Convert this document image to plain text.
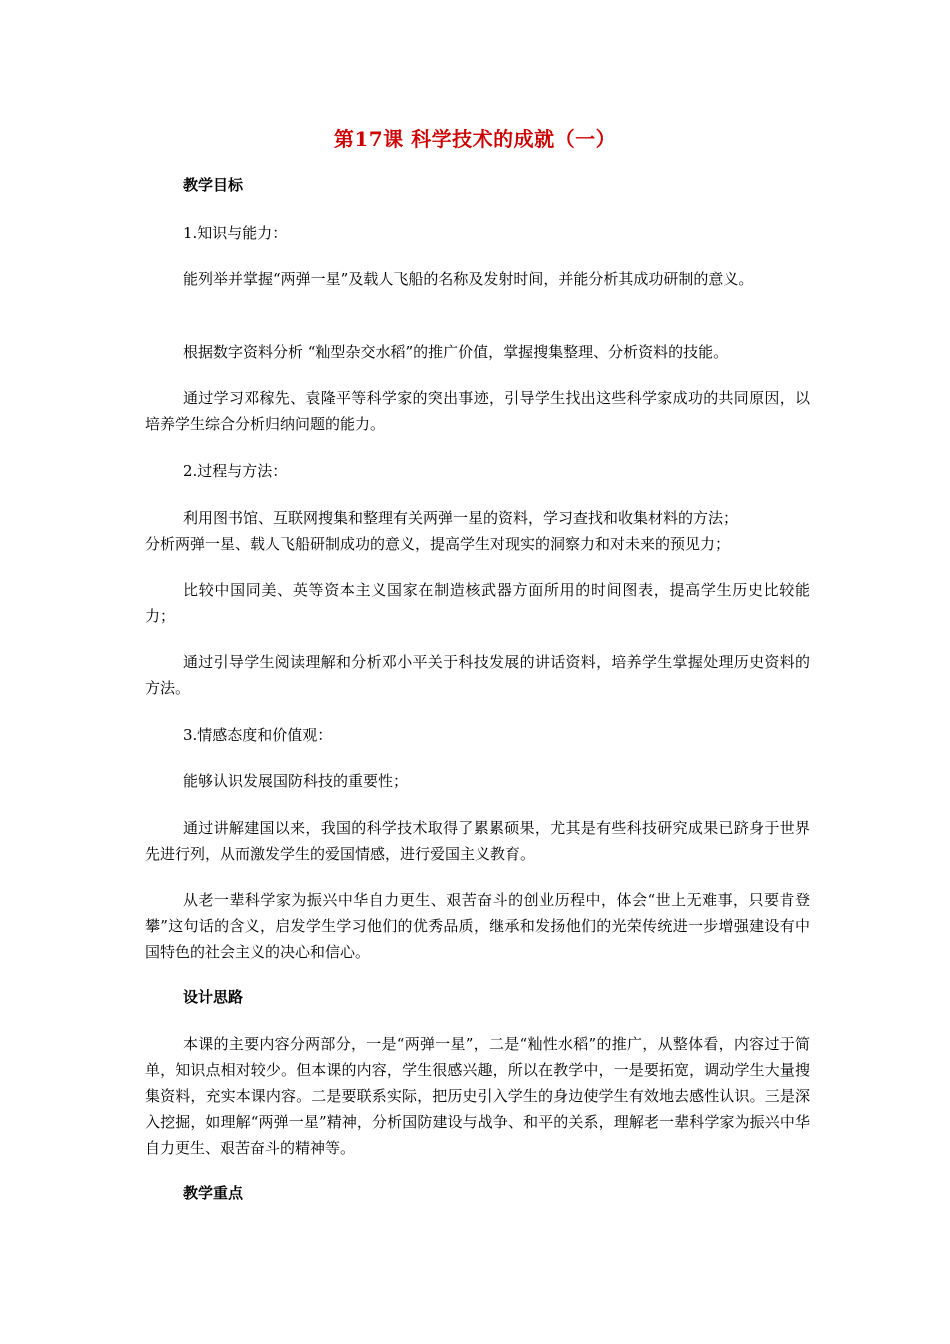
第17课 科学技术的成就（一）
教学目标
1.知识与能力：
能列举并掌握“两弹一星”及载人飞船的名称及发射时间，并能分析其成功研制的意义。
根据数字资料分析 “籼型杂交水稻”的推广价值，掌握搜集整理、分析资料的技能。
通过学习邓稼先、袁隆平等科学家的突出事迹，引导学生找出这些科学家成功的共同原因，以培养学生综合分析归纳问题的能力。
2.过程与方法：
利用图书馆、互联网搜集和整理有关两弹一星的资料，学习查找和收集材料的方法；
分析两弹一星、载人飞船研制成功的意义，提高学生对现实的洞察力和对未来的预见力；
比较中国同美、英等资本主义国家在制造核武器方面所用的时间图表，提高学生历史比较能力；
通过引导学生阅读理解和分析邓小平关于科技发展的讲话资料，培养学生掌握处理历史资料的方法。
3.情感态度和价值观：
能够认识发展国防科技的重要性；
通过讲解建国以来，我国的科学技术取得了累累硕果，尤其是有些科技研究成果已跻身于世界先进行列，从而激发学生的爱国情感，进行爱国主义教育。
从老一辈科学家为振兴中华自力更生、艰苦奋斗的创业历程中，体会“世上无难事，只要肯登攀”这句话的含义，启发学生学习他们的优秀品质，继承和发扬他们的光荣传统进一步增强建设有中国特色的社会主义的决心和信心。
设计思路
本课的主要内容分两部分，一是“两弹一星”，二是“籼性水稻”的推广，从整体看，内容过于简单，知识点相对较少。但本课的内容，学生很感兴趣，所以在教学中，一是要拓宽，调动学生大量搜集资料，充实本课内容。二是要联系实际，把历史引入学生的身边使学生有效地去感性认识。三是深入挖掘，如理解“两弹一星”精神，分析国防建设与战争、和平的关系，理解老一辈科学家为振兴中华自力更生、艰苦奋斗的精神等。
教学重点
